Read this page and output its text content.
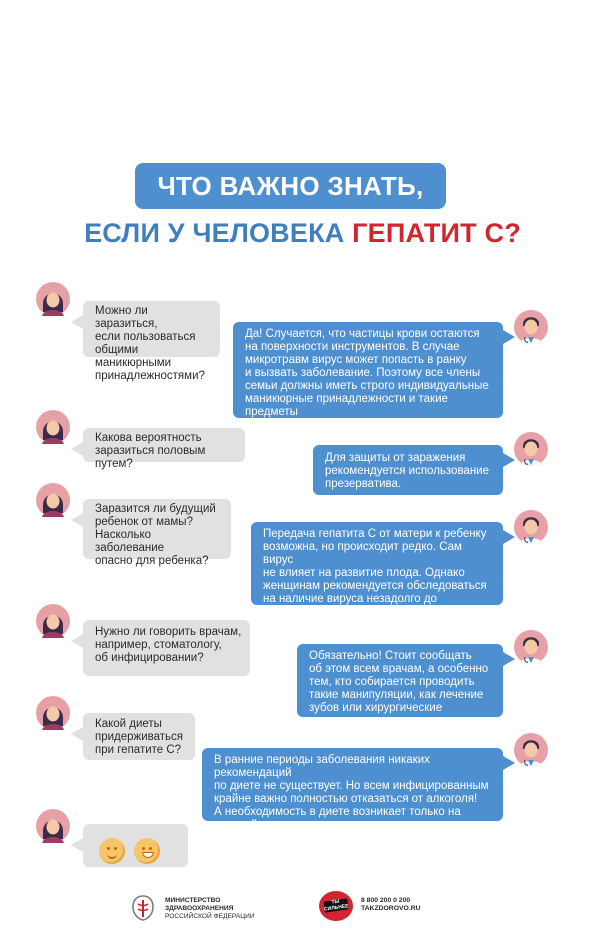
ЧТО ВАЖНО ЗНАТЬ,
ЕСЛИ У ЧЕЛОВЕКА ГЕПАТИТ С?
Можно ли заразиться,
если пользоваться
общими маникюрными
принадлежностями?
Да! Случается, что частицы крови остаются
на поверхности инструментов. В случае
микротравм вирус может попасть в ранку
и вызвать заболевание. Поэтому все члены
семьи должны иметь строго индивидуальные
маникюрные принадлежности и такие предметы
личной гигиены, как бритвы и пинцеты.
Какова вероятность
заразиться половым путем?	Для защиты от заражения
рекомендуется использование
презерватива.
Заразится ли будущий
ребенок от мамы?
Насколько заболевание
опасно для ребенка?
Передача гепатита С от матери к ребенку
возможна, но происходит редко. Сам вирус
не влияет на развитие плода. Однако
женщинам рекомендуется обследоваться
на наличие вируса незадолго до планируемой
беременности.
Нужно ли говорить врачам,
например, стоматологу,
об инфицировании?	Обязательно! Стоит сообщать
об этом всем врачам, а особенно
тем, кто собирается проводить
такие манипуляции, как лечение
зубов или хирургические операции.
Какой диеты
придерживаться
при гепатите С?
В ранние периоды заболевания никаких рекомендаций
по диете не существует. Но всем инфицированным
крайне важно полностью отказаться от алкоголя!
А необходимость в диете возникает только на поздней
стадии гепатита С – при циррозе печени.
МИНИСТЕРСТВО
ЗДРАВООХРАНЕНИЯ
РОССИЙСКОЙ ФЕДЕРАЦИИ
ТЫ СИЛЬНЕЕ
8 800 200 0 200
TAKZDOROVO.RU
